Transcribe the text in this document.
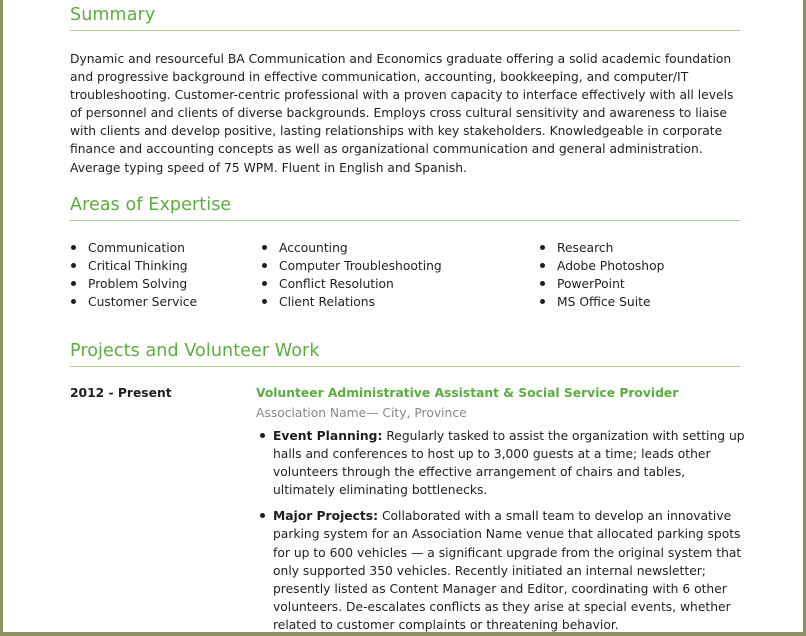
Summary
Dynamic and resourceful BA Communication and Economics graduate offering a solid academic foundation and progressive background in effective communication, accounting, bookkeeping, and computer/IT troubleshooting. Customer-centric professional with a proven capacity to interface effectively with all levels of personnel and clients of diverse backgrounds. Employs cross cultural sensitivity and awareness to liaise with clients and develop positive, lasting relationships with key stakeholders. Knowledgeable in corporate finance and accounting concepts as well as organizational communication and general administration. Average typing speed of 75 WPM. Fluent in English and Spanish.
Areas of Expertise
Communication
Critical Thinking
Problem Solving
Customer Service
Accounting
Computer Troubleshooting
Conflict Resolution
Client Relations
Research
Adobe Photoshop
PowerPoint
MS Office Suite
Projects and Volunteer Work
2012 - Present	Volunteer Administrative Assistant & Social Service Provider
Association Name— City, Province
Event Planning: Regularly tasked to assist the organization with setting up halls and conferences to host up to 3,000 guests at a time; leads other volunteers through the effective arrangement of chairs and tables, ultimately eliminating bottlenecks.
Major Projects: Collaborated with a small team to develop an innovative parking system for an Association Name venue that allocated parking spots for up to 600 vehicles — a significant upgrade from the original system that only supported 350 vehicles. Recently initiated an internal newsletter; presently listed as Content Manager and Editor, coordinating with 6 other volunteers. De-escalates conflicts as they arise at special events, whether related to customer complaints or threatening behavior.
